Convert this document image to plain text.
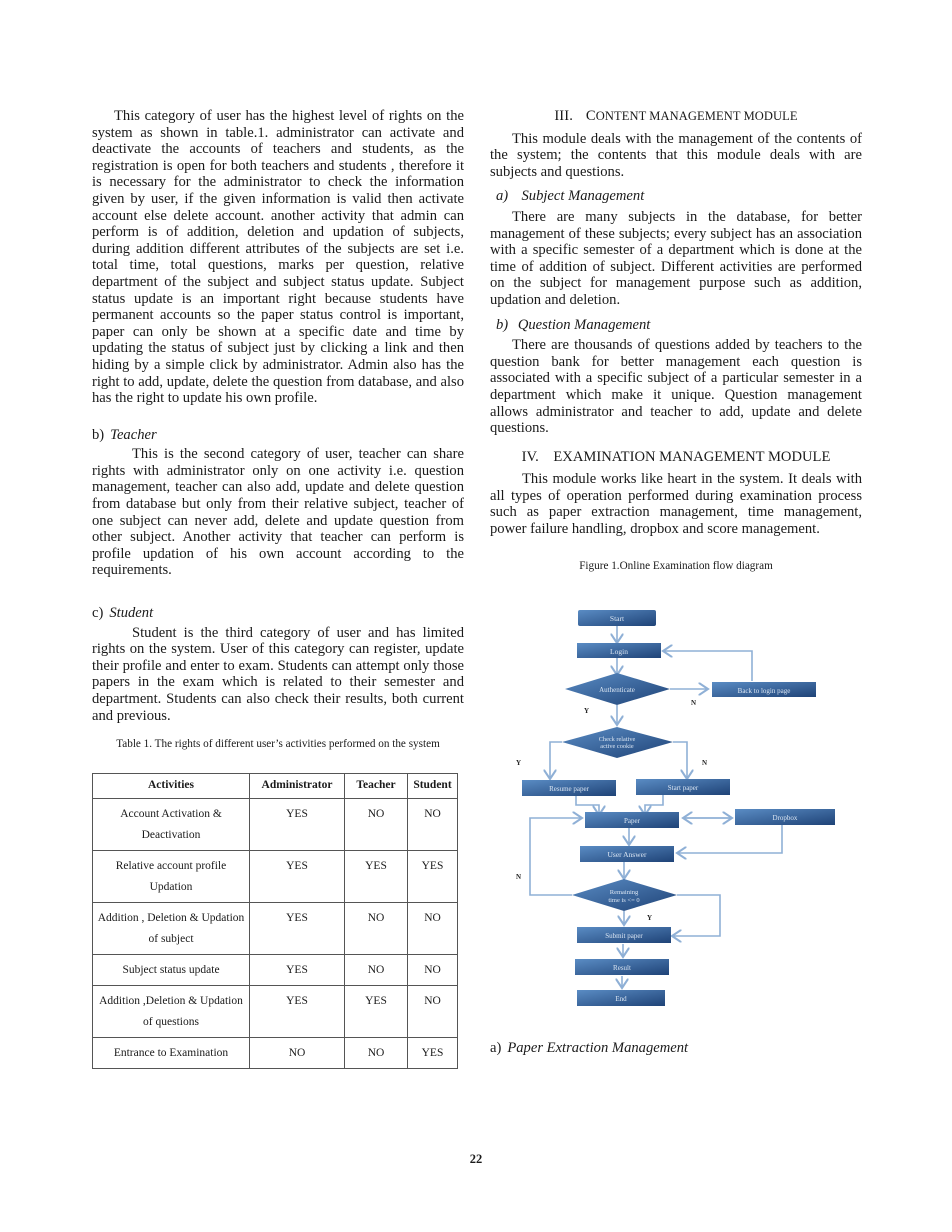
This category of user has the highest level of rights on the system as shown in table.1. administrator can activate and deactivate the accounts of teachers and students, as the registration is open for both teachers and students , therefore it is necessary for the administrator to check the information given by user, if the given information is valid then activate account else delete account. another activity that admin can perform is of addition, deletion and updation of subjects, during addition different attributes of the subjects are set i.e. total time, total questions, marks per question, relative department of the subject and subject status update. Subject status update is an important right because students have permanent accounts so the paper status control is important, paper can only be shown at a specific date and time by updating the status of subject just by clicking a link and then hiding by a simple click by administrator. Admin also has the right to add, update, delete the question from database, and also has the right to update his own profile.

b) Teacher

This is the second category of user, teacher can share rights with administrator only on one activity i.e. question management, teacher can also add, update and delete question from database but only from their relative subject, teacher of one subject can never add, delete and update question from other subject. Another activity that teacher can perform is profile updation of his own account according to the requirements.

c) Student

Student is the third category of user and has limited rights on the system. User of this category can register, update their profile and enter to exam. Students can attempt only those papers in the exam which is related to their semester and department. Students can also check their results, both current and previous.

Table 1. The rights of different user’s activities performed on the system

Activities	Administrator	Teacher	Student
Account Activation & Deactivation	YES	NO	NO
Relative account profile Updation	YES	YES	YES
Addition , Deletion & Updation of subject	YES	NO	NO
Subject status update	YES	NO	NO
Addition ,Deletion & Updation of questions	YES	YES	NO
Entrance to Examination	NO	NO	YES

III. CONTENT MANAGEMENT MODULE

This module deals with the management of the contents of the system; the contents that this module deals with are subjects and questions.

a) Subject Management

There are many subjects in the database, for better management of these subjects; every subject has an association with a specific semester of a department which is done at the time of addition of subject. Different activities are performed on the subject for management purpose such as addition, updation and deletion.

b) Question Management

There are thousands of questions added by teachers to the question bank for better management each question is associated with a specific subject of a particular semester in a department which make it unique. Question management allows administrator and teacher to add, update and delete questions.

IV. EXAMINATION MANAGEMENT MODULE

This module works like heart in the system. It deals with all types of operation performed during examination process such as paper extraction management, time management, power failure handling, dropbox and score management.

Figure 1.Online Examination flow diagram

Start
Login
Authenticate	Back to login page
Check relative
active cookie
Resume paper	Start paper
Paper	Dropbox
User Answer
Remaining
time is <= 0
Submit paper
Result
End
N
Y
Y	N
N
Y

a) Paper Extraction Management

22
